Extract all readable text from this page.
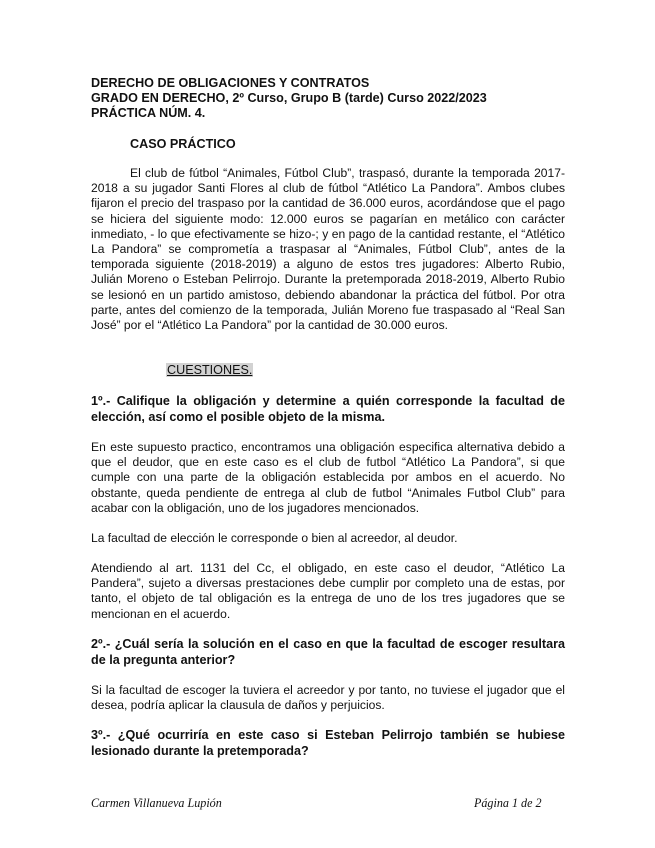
DERECHO DE OBLIGACIONES Y CONTRATOS
GRADO EN DERECHO, 2º Curso, Grupo B (tarde) Curso 2022/2023
PRÁCTICA NÚM. 4.
CASO PRÁCTICO
El club de fútbol “Animales, Fútbol Club”, traspasó, durante la temporada 2017-2018 a su jugador Santi Flores al club de fútbol “Atlético La Pandora”. Ambos clubes fijaron el precio del traspaso por la cantidad de 36.000 euros, acordándose que el pago se hiciera del siguiente modo: 12.000 euros se pagarían en metálico con carácter inmediato, - lo que efectivamente se hizo-; y en pago de la cantidad restante, el “Atlético La Pandora” se comprometía a traspasar al “Animales, Fútbol Club”, antes de la temporada siguiente (2018-2019) a alguno de estos tres jugadores: Alberto Rubio, Julián Moreno o Esteban Pelirrojo. Durante la pretemporada 2018-2019, Alberto Rubio se lesionó en un partido amistoso, debiendo abandonar la práctica del fútbol. Por otra parte, antes del comienzo de la temporada, Julián Moreno fue traspasado al “Real San José” por el “Atlético La Pandora” por la cantidad de 30.000 euros.
CUESTIONES.
1º.- Califique la obligación y determine a quién corresponde la facultad de elección, así como el posible objeto de la misma.
En este supuesto practico, encontramos una obligación especifica alternativa debido a que el deudor, que en este caso es el club de futbol “Atlético La Pandora”, si que cumple con una parte de la obligación establecida por ambos en el acuerdo. No obstante, queda pendiente de entrega al club de futbol “Animales Futbol Club” para acabar con la obligación, uno de los jugadores mencionados.
La facultad de elección le corresponde o bien al acreedor, al deudor.
Atendiendo al art. 1131 del Cc, el obligado, en este caso el deudor, “Atlético La Pandera”, sujeto a diversas prestaciones debe cumplir por completo una de estas, por tanto, el objeto de tal obligación es la entrega de uno de los tres jugadores que se mencionan en el acuerdo.
2º.- ¿Cuál sería la solución en el caso en que la facultad de escoger resultara de la pregunta anterior?
Si la facultad de escoger la tuviera el acreedor y por tanto, no tuviese el jugador que el desea, podría aplicar la clausula de daños y perjuicios.
3º.- ¿Qué ocurriría en este caso si Esteban Pelirrojo también se hubiese lesionado durante la pretemporada?
Carmen Villanueva Lupión	Página 1 de 2
